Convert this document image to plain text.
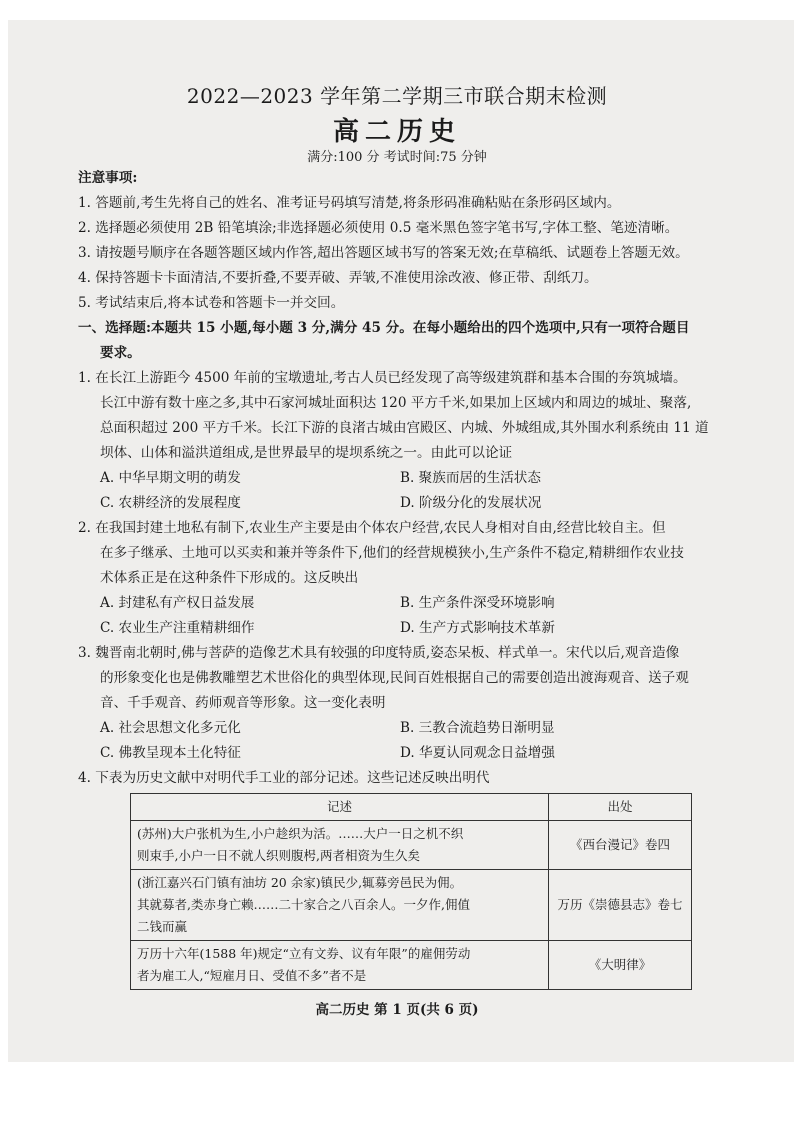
2022—2023 学年第二学期三市联合期末检测
高二历史
满分:100 分 考试时间:75 分钟
注意事项:
1. 答题前,考生先将自己的姓名、准考证号码填写清楚,将条形码准确粘贴在条形码区域内。
2. 选择题必须使用 2B 铅笔填涂;非选择题必须使用 0.5 毫米黑色签字笔书写,字体工整、笔迹清晰。
3. 请按题号顺序在各题答题区域内作答,超出答题区域书写的答案无效;在草稿纸、试题卷上答题无效。
4. 保持答题卡卡面清洁,不要折叠,不要弄破、弄皱,不准使用涂改液、修正带、刮纸刀。
5. 考试结束后,将本试卷和答题卡一并交回。
一、选择题:本题共 15 小题,每小题 3 分,满分 45 分。在每小题给出的四个选项中,只有一项符合题目
要求。
1. 在长江上游距今 4500 年前的宝墩遗址,考古人员已经发现了高等级建筑群和基本合围的夯筑城墙。
长江中游有数十座之多,其中石家河城址面积达 120 平方千米,如果加上区域内和周边的城址、聚落,
总面积超过 200 平方千米。长江下游的良渚古城由宫殿区、内城、外城组成,其外围水利系统由 11 道
坝体、山体和溢洪道组成,是世界最早的堤坝系统之一。由此可以论证
A. 中华早期文明的萌发	B. 聚族而居的生活状态
C. 农耕经济的发展程度	D. 阶级分化的发展状况
2. 在我国封建土地私有制下,农业生产主要是由个体农户经营,农民人身相对自由,经营比较自主。但
在多子继承、土地可以买卖和兼并等条件下,他们的经营规模狭小,生产条件不稳定,精耕细作农业技
术体系正是在这种条件下形成的。这反映出
A. 封建私有产权日益发展	B. 生产条件深受环境影响
C. 农业生产注重精耕细作	D. 生产方式影响技术革新
3. 魏晋南北朝时,佛与菩萨的造像艺术具有较强的印度特质,姿态呆板、样式单一。宋代以后,观音造像
的形象变化也是佛教雕塑艺术世俗化的典型体现,民间百姓根据自己的需要创造出渡海观音、送子观
音、千手观音、药师观音等形象。这一变化表明
A. 社会思想文化多元化	B. 三教合流趋势日渐明显
C. 佛教呈现本土化特征	D. 华夏认同观念日益增强
4. 下表为历史文献中对明代手工业的部分记述。这些记述反映出明代
记述	出处

(苏州)大户张机为生,小户趁织为活。……大户一日之机不织
则束手,小户一日不就人织则腹枵,两者相资为生久矣	《西台漫记》卷四

(浙江嘉兴石门镇有油坊 20 余家)镇民少,辄募旁邑民为佣。
其就募者,类赤身亡赖……二十家合之八百余人。一夕作,佣值
二钱而赢	万历《崇德县志》卷七

万历十六年(1588 年)规定“立有文券、议有年限”的雇佣劳动
者为雇工人,“短雇月日、受值不多”者不是	《大明律》
高二历史 第 1 页(共 6 页)
